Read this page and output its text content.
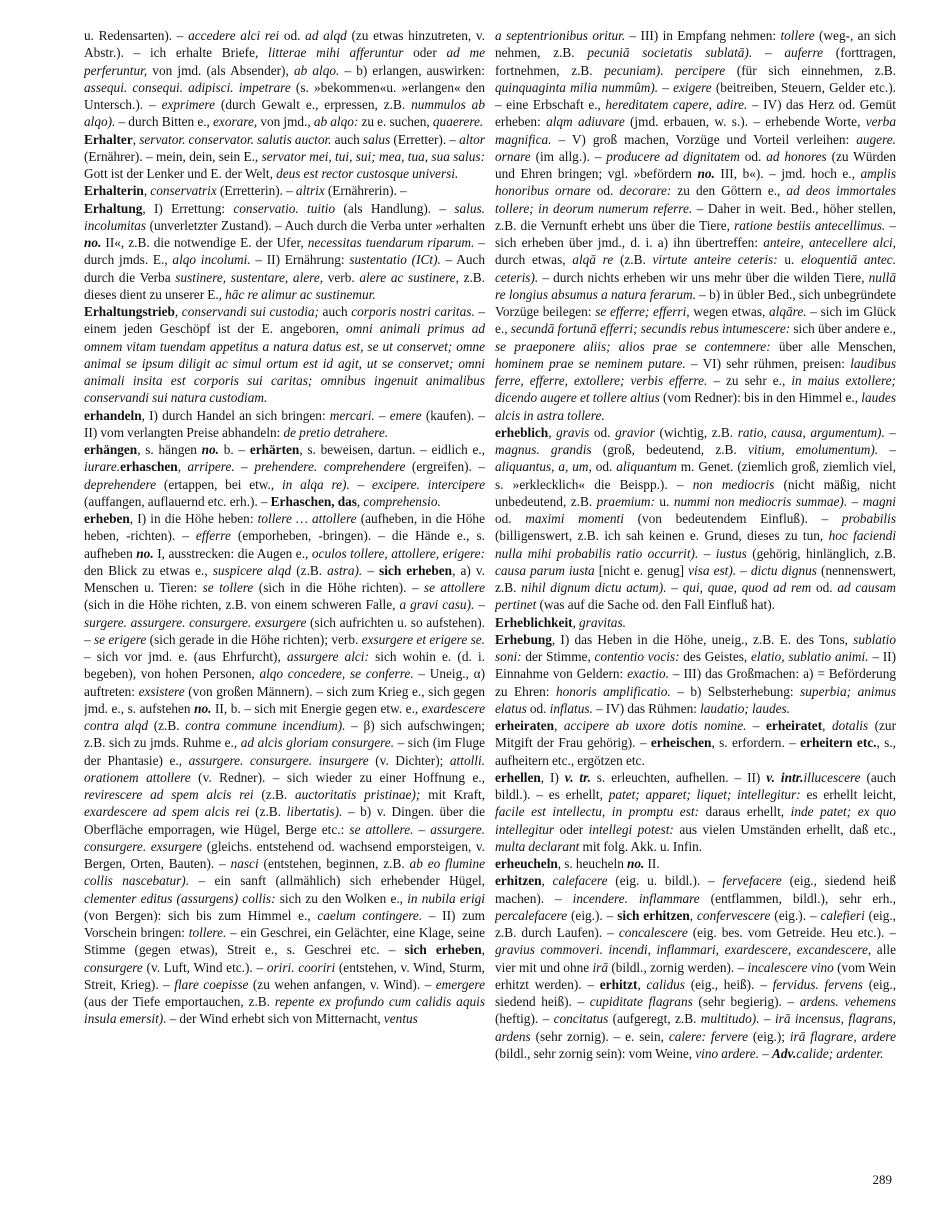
u. Redensarten). – accedere alci rei od. ad alqd (zu etwas hinzutreten, v. Abstr.). – ich erhalte Briefe, litterae mihi afferuntur oder ad me perferuntur, von jmd. (als Absender), ab alqo. – b) erlangen, auswirken: assequi. consequi. adipisci. impetrare (s. »bekommen«u. »erlangen« den Untersch.). – exprimere (durch Gewalt e., erpressen, z.B. nummulos ab alqo). – durch Bitten e., exorare, von jmd., ab alqo: zu e. suchen, quaerere.

Erhalter, servator. conservator. salutis auctor. auch salus (Erretter). – altor (Ernährer). – mein, dein, sein E., servator mei, tui, sui; mea, tua, sua salus: Gott ist der Lenker und E. der Welt, deus est rector custosque universi.

Erhalterin, conservatrix (Erretterin). – altrix (Ernährerin). –

Erhaltung, I) Errettung: conservatio. tuitio (als Handlung). – salus. incolumitas (unverletzter Zustand). – Auch durch die Verba unter »erhalten no. II«, z.B. die notwendige E. der Ufer, necessitas tuendarum riparum. – durch jmds. E., alqo incolumi. – II) Ernährung: sustentatio (ICt). – Auch durch die Verba sustinere, sustentare, alere, verb. alere ac sustinere, z.B. dieses dient zu unserer E., hāc re alimur ac sustinemur.

Erhaltungstrieb, conservandi sui custodia; auch corporis nostri caritas. – einem jeden Geschöpf ist der E. angeboren, omni animali primus ad omnem vitam tuendam appetitus a natura datus est, se ut conservet; omne animal se ipsum diligit ac simul ortum est id agit, ut se conservet; omni animali insita est corporis sui caritas; omnibus ingenuit animalibus conservandi sui natura custodiam.

erhandeln, I) durch Handel an sich bringen: mercari. – emere (kaufen). – II) vom verlangten Preise abhandeln: de pretio detrahere.

erhängen, s. hängen no. b. – erhärten, s. beweisen, dartun. – eidlich e., iurare.erhaschen, arripere. – prehendere. comprehendere (ergreifen). – deprehendere (ertappen, bei etw., in alqa re). – excipere. intercipere (auffangen, auflauernd etc. erh.). – Erhaschen, das, comprehensio.

erheben, I) in die Höhe heben: tollere … attollere (aufheben, in die Höhe heben, -richten). – efferre (emporheben, -bringen). – die Hände e., s. aufheben no. I, ausstrecken: die Augen e., oculos tollere, attollere, erigere: den Blick zu etwas e., suspicere alqd (z.B. astra). – sich erheben, a) v. Menschen u. Tieren: se tollere (sich in die Höhe richten). – se attollere (sich in die Höhe richten, z.B. von einem schweren Falle, a gravi casu). – surgere. assurgere. consurgere. exsurgere (sich aufrichten u. so aufstehen). – se erigere (sich gerade in die Höhe richten); verb. exsurgere et erigere se. – sich vor jmd. e. (aus Ehrfurcht), assurgere alci: sich wohin e. (d. i. begeben), von hohen Personen, alqo concedere, se conferre. – Uneig., α) auftreten: exsistere (von großen Männern). – sich zum Krieg e., sich gegen jmd. e., s. aufstehen no. II, b. – sich mit Energie gegen etw. e., exardescere contra alqd (z.B. contra commune incendium). – β) sich aufschwingen; z.B. sich zu jmds. Ruhme e., ad alcis gloriam consurgere. – sich (im Fluge der Phantasie) e., assurgere. consurgere. insurgere (v. Dichter); attolli. orationem attollere (v. Redner). – sich wieder zu einer Hoffnung e., revirescere ad spem alcis rei (z.B. auctoritatis pristinae); mit Kraft, exardescere ad spem alcis rei (z.B. libertatis). – b) v. Dingen. über die Oberfläche emporragen, wie Hügel, Berge etc.: se attollere. – assurgere. consurgere. exsurgere (gleichs. entstehend od. wachsend emporsteigen, v. Bergen, Orten, Bauten). – nasci (entstehen, beginnen, z.B. ab eo flumine collis nascebatur). – ein sanft (allmählich) sich erhebender Hügel, clementer editus (assurgens) collis: sich zu den Wolken e., in nubila erigi (von Bergen): sich bis zum Himmel e., caelum contingere. – II) zum Vorschein bringen: tollere. – ein Geschrei, ein Gelächter, eine Klage, seine Stimme (gegen etwas), Streit e., s. Geschrei etc. – sich erheben, consurgere (v. Luft, Wind etc.). – oriri. cooriri (entstehen, v. Wind, Sturm, Streit, Krieg). – flare coepisse (zu wehen anfangen, v. Wind). – emergere (aus der Tiefe emportauchen, z.B. repente ex profundo cum calidis aquis insula emersit). – der Wind erhebt sich von Mitternacht, ventus

a septentrionibus oritur. – III) in Empfang nehmen: tollere (weg-, an sich nehmen, z.B. pecuniā societatis sublatā). – auferre (forttragen, fortnehmen, z.B. pecuniam). percipere (für sich einnehmen, z.B. quinquaginta milia nummûm). – exigere (beitreiben, Steuern, Gelder etc.). – eine Erbschaft e., hereditatem capere, adire. – IV) das Herz od. Gemüt erheben: alqm adiuvare (jmd. erbauen, w. s.). – erhebende Worte, verba magnifica. – V) groß machen, Vorzüge und Vorteil verleihen: augere. ornare (im allg.). – producere ad dignitatem od. ad honores (zu Würden und Ehren bringen; vgl. »befördern no. III, b«). – jmd. hoch e., amplis honoribus ornare od. decorare: zu den Göttern e., ad deos immortales tollere; in deorum numerum referre. – Daher in weit. Bed., höher stellen, z.B. die Vernunft erhebt uns über die Tiere, ratione bestiis antecellimus. – sich erheben über jmd., d. i. a) ihn übertreffen: anteire, antecellere alci, durch etwas, alqā re (z.B. virtute anteire ceteris: u. eloquentiā antec. ceteris). – durch nichts erheben wir uns mehr über die wilden Tiere, nullā re longius absumus a natura ferarum. – b) in übler Bed., sich unbegründete Vorzüge beilegen: se efferre; efferri, wegen etwas, alqāre. – sich im Glück e., secundā fortunā efferri; secundis rebus intumescere: sich über andere e., se praeponere aliis; alios prae se contemnere: über alle Menschen, hominem prae se neminem putare. – VI) sehr rühmen, preisen: laudibus ferre, efferre, extollere; verbis efferre. – zu sehr e., in maius extollere; dicendo augere et tollere altius (vom Redner): bis in den Himmel e., laudes alcis in astra tollere.

erheblich, gravis od. gravior (wichtig, z.B. ratio, causa, argumentum). – magnus. grandis (groß, bedeutend, z.B. vitium, emolumentum). – aliquantus, a, um, od. aliquantum m. Genet. (ziemlich groß, ziemlich viel, s. »erklecklich« die Beispp.). – non mediocris (nicht mäßig, nicht unbedeutend, z.B. praemium: u. nummi non mediocris summae). – magni od. maximi momenti (von bedeutendem Einfluß). – probabilis (billigenswert, z.B. ich sah keinen e. Grund, dieses zu tun, hoc faciendi nulla mihi probabilis ratio occurrit). – iustus (gehörig, hinlänglich, z.B. causa parum iusta [nicht e. genug] visa est). – dictu dignus (nennenswert, z.B. nihil dignum dictu actum). – qui, quae, quod ad rem od. ad causam pertinet (was auf die Sache od. den Fall Einfluß hat).

Erheblichkeit, gravitas.

Erhebung, I) das Heben in die Höhe, uneig., z.B. E. des Tons, sublatio soni: der Stimme, contentio vocis: des Geistes, elatio, sublatio animi. – II) Einnahme von Geldern: exactio. – III) das Großmachen: a) = Beförderung zu Ehren: honoris amplificatio. – b) Selbsterhebung: superbia; animus elatus od. inflatus. – IV) das Rühmen: laudatio; laudes.

erheiraten, accipere ab uxore dotis nomine. – erheiratet, dotalis (zur Mitgift der Frau gehörig). – erheischen, s. erfordern. – erheitern etc., s., aufheitern etc., ergötzen etc.

erhellen, I) v. tr. s. erleuchten, aufhellen. – II) v. intr.illucescere (auch bildl.). – es erhellt, patet; apparet; liquet; intellegitur: es erhellt leicht, facile est intellectu, in promptu est: daraus erhellt, inde patet; ex quo intellegitur oder intellegi potest: aus vielen Umständen erhellt, daß etc., multa declarant mit folg. Akk. u. Infin.

erheucheln, s. heucheln no. II.

erhitzen, calefacere (eig. u. bildl.). – fervefacere (eig., siedend heiß machen). – incendere. inflammare (entflammen, bildl.), sehr erh., percalefacere (eig.). – sich erhitzen, confervescere (eig.). – calefieri (eig., z.B. durch Laufen). – concalescere (eig. bes. vom Getreide. Heu etc.). – gravius commoveri. incendi, inflammari, exardescere, excandescere, alle vier mit und ohne irā (bildl., zornig werden). – incalescere vino (vom Wein erhitzt werden). – erhitzt, calidus (eig., heiß). – fervidus. fervens (eig., siedend heiß). – cupiditate flagrans (sehr begierig). – ardens. vehemens (heftig). – concitatus (aufgeregt, z.B. multitudo). – irā incensus, flagrans, ardens (sehr zornig). – e. sein, calere: fervere (eig.); irā flagrare, ardere (bildl., sehr zornig sein): vom Weine, vino ardere. – Adv.calide; ardenter.

289
